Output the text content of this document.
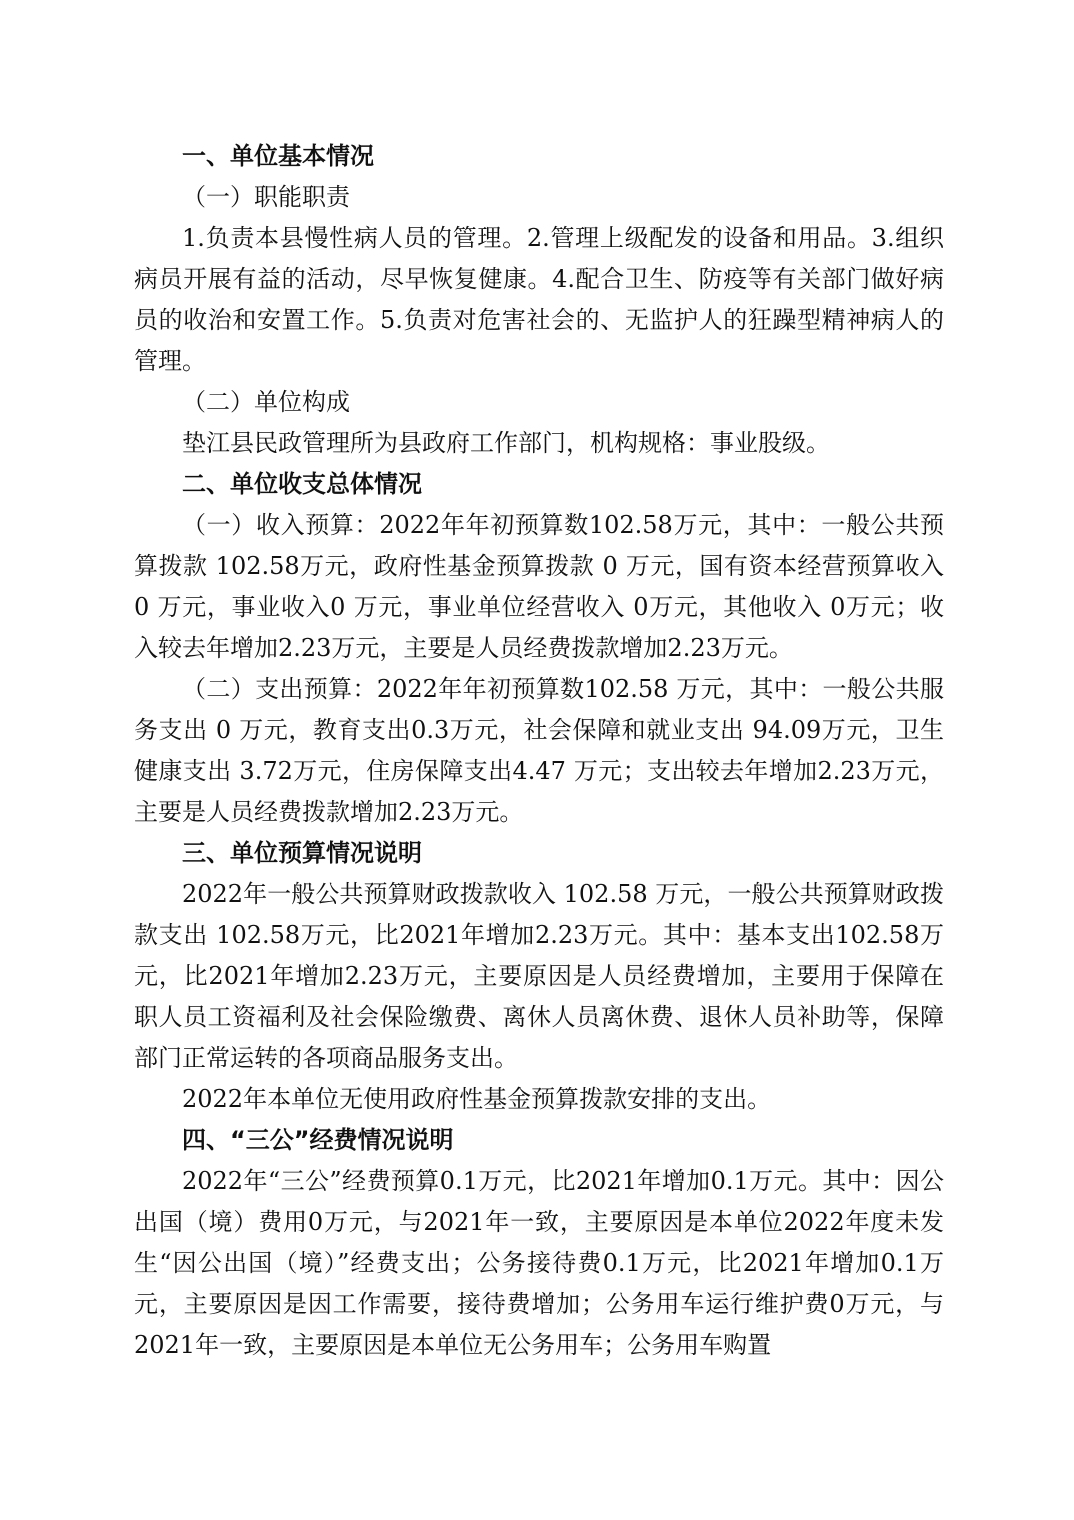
一、单位基本情况

（一）职能职责

1.负责本县慢性病人员的管理。2.管理上级配发的设备和用品。3.组织病员开展有益的活动，尽早恢复健康。4.配合卫生、防疫等有关部门做好病员的收治和安置工作。5.负责对危害社会的、无监护人的狂躁型精神病人的管理。

（二）单位构成

垫江县民政管理所为县政府工作部门，机构规格：事业股级。

二、单位收支总体情况

（一）收入预算：2022年年初预算数102.58万元，其中：一般公共预算拨款 102.58万元，政府性基金预算拨款 0 万元，国有资本经营预算收入 0 万元，事业收入0 万元，事业单位经营收入 0万元，其他收入 0万元；收入较去年增加2.23万元，主要是人员经费拨款增加2.23万元。

（二）支出预算：2022年年初预算数102.58 万元，其中：一般公共服务支出 0 万元，教育支出0.3万元，社会保障和就业支出 94.09万元，卫生健康支出 3.72万元，住房保障支出4.47 万元；支出较去年增加2.23万元，主要是人员经费拨款增加2.23万元。

三、单位预算情况说明

2022年一般公共预算财政拨款收入 102.58 万元，一般公共预算财政拨款支出 102.58万元，比2021年增加2.23万元。其中：基本支出102.58万元，比2021年增加2.23万元，主要原因是人员经费增加，主要用于保障在职人员工资福利及社会保险缴费、离休人员离休费、退休人员补助等，保障部门正常运转的各项商品服务支出。

2022年本单位无使用政府性基金预算拨款安排的支出。

四、“三公”经费情况说明

2022年“三公”经费预算0.1万元，比2021年增加0.1万元。其中：因公出国（境）费用0万元，与2021年一致，主要原因是本单位2022年度未发生“因公出国（境）”经费支出；公务接待费0.1万元，比2021年增加0.1万元，主要原因是因工作需要，接待费增加；公务用车运行维护费0万元，与2021年一致，主要原因是本单位无公务用车；公务用车购置
